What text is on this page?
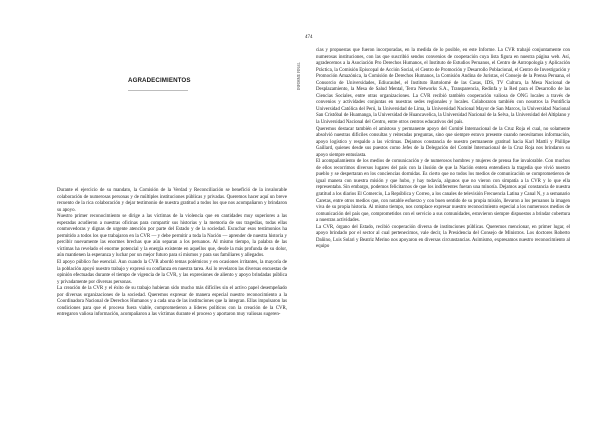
AGRADECIMIENTOS
Durante el ejercicio de su mandato, la Comisión de la Verdad y Reconciliación se benefició de la invalorable colaboración de numerosas personas y de múltiples instituciones públicas y privadas. Queremos hacer aquí un breve recuento de la rica colaboración y dejar testimonio de nuestra gratitud a todos los que nos acompañaron y brindaron su apoyo.
Nuestro primer reconocimiento se dirige a las víctimas de la violencia que en cantidades muy superiores a las esperadas acudieron a nuestras oficinas para compartir sus historias y la memoria de sus tragedias, todas ellas conmovedoras y dignas de urgente atención por parte del Estado y de la sociedad. Escuchar esos testimonios ha permitido a todos los que trabajaron en la CVR — y debe permitir a toda la Nación — aprender de nuestra historia y percibir nuevamente las enormes brechas que aún separan a los peruanos. Al mismo tiempo, la palabra de las víctimas ha revelado el enorme potencial y la energía existente en aquellos que, desde la más profunda de su dolor, aún mantienen la esperanza y luchar por un mejor futuro para sí mismos y para sus familiares y allegados.
El apoyo público fue esencial. Aun cuando la CVR abordó temas polémicos y en ocasiones irritantes, la mayoría de la población apoyó nuestro trabajo y expresó su confianza en nuestra tarea. Así lo revelaron las diversas encuestas de opinión efectuadas durante el tiempo de vigencia de la CVR, y las expresiones de aliento y apoyo brindadas pública y privadamente por diversas personas.
La creación de la CVR y el éxito de su trabajo hubieran sido mucho más difíciles sin el activo papel desempeñado por diversas organizaciones de la sociedad. Queremos expresar de manera especial nuestro reconocimiento a la Coordinadora Nacional de Derechos Humanos y a cada una de las instituciones que la integran. Ellas impulsaron las condiciones para que el proceso fuera viable, comprometieron a líderes políticos con la creación de la CVR, entregaron valiosa información, acompañaron a las víctimas durante el proceso y aportaron muy valiosas sugeren-
474
INFORME FINAL
cias y propuestas que fueron incorporadas, en la medida de lo posible, en este Informe. La CVR trabajó conjuntamente con numerosas instituciones, con las que suscribió sendos convenios de cooperación cuya lista figura en nuestra página web. Así, agradecemos a la Asociación Pro Derechos Humanos, el Instituto de Estudios Peruanos, el Centro de Antropología y Aplicación Práctica, la Comisión Episcopal de Acción Social, el Centro de Promoción y Desarrollo Poblacional, el Centro de Investigación y Promoción Amazónica, la Comisión de Derechos Humanos, la Comisión Andina de Juristas, el Consejo de la Prensa Peruana, el Consorcio de Universidades, Ediucaubel, el Instituto Bartolomé de las Casas, IDS, TV Cultura, la Mesa Nacional de Desplazamiento, la Mesa de Salud Mental, Terra Networks S.A., Transparencia, Redinfa y la Red para el Desarrollo de las Ciencias Sociales, entre otras organizaciones. La CVR recibió también cooperación valiosa de ONG locales a través de convenios y actividades conjuntas en nuestras sedes regionales y locales. Colaboraron también con nosotros la Pontificia Universidad Católica del Perú, la Universidad de Lima, la Universidad Nacional Mayor de San Marcos, la Universidad Nacional San Cristóbal de Huamanga, la Universidad de Huancavelica, la Universidad Nacional de la Selva, la Universidad del Altiplano y la Universidad Nacional del Centro, entre otros centros educativos del país.
Queremos destacar también el amistoso y permanente apoyo del Comité Internacional de la Cruz Roja el cual, no solamente absolvió nuestras dificiles consultas y reiteradas preguntas, sino que siempre estuvo presente cuando necesitamos información, apoyo logístico y respaldo a las víctimas. Dejamos constancia de nuestro permanente gratitud hacia Karl Mattli y Phillipe Gaillard, quienes desde sus puestos como Jefes de la Delegación del Comité Internacional de la Cruz Roja nos brindaron su apoyo siempre entusiasta.
El acompañamiento de los medios de comunicación y de numerosos hombres y mujeres de prensa fue invalorable. Con muchos de ellos recorrimos diversos lugares del país con la ilusión de que la Nación entera entendiera la tragedia que vivió nuestro pueblo y se despertaran en los conciencias dormidas. Es cierto que no todos los medios de comunicación se comprometieron de igual manera con nuestra misión y que hubo, y hay todavía, algunos que no vieron con simpatía a la CVR y lo que ella representaba. Sin embargo, podemos felicitarnos de que los indiferentes fueran una minoría. Dejamos aquí constancia de nuestra gratitud a los diarios El Comercio, La República y Correo, a los canales de televisión Frecuencia Latina y Canal N, y a semanario Caretas, entre otros medios que, con notable esfuerzo y con buen sentido de su propia misión, llevaron a los peruanos la imagen viva de su propia historia. Al mismo tiempo, nos complace expresar nuestro reconocimiento especial a los numerosos medios de comunicación del país que, comprometidos con el servicio a sus comunidades, estuvieron siempre dispuestos a brindar cobertura a nuestras actividades.
La CVR, órgano del Estado, recibió cooperación diversa de instituciones públicas. Queremos mencionar, en primer lugar, el apoyo brindado por el sector al cual pertenecimos, vale decir, la Presidencia del Consejo de Ministros. Los doctores Roberto Dañino, Luis Solari y Beatriz Merino nos apoyaron en diversas circunstancias. Asimismo, expresamos nuestro reconocimiento al equipo
